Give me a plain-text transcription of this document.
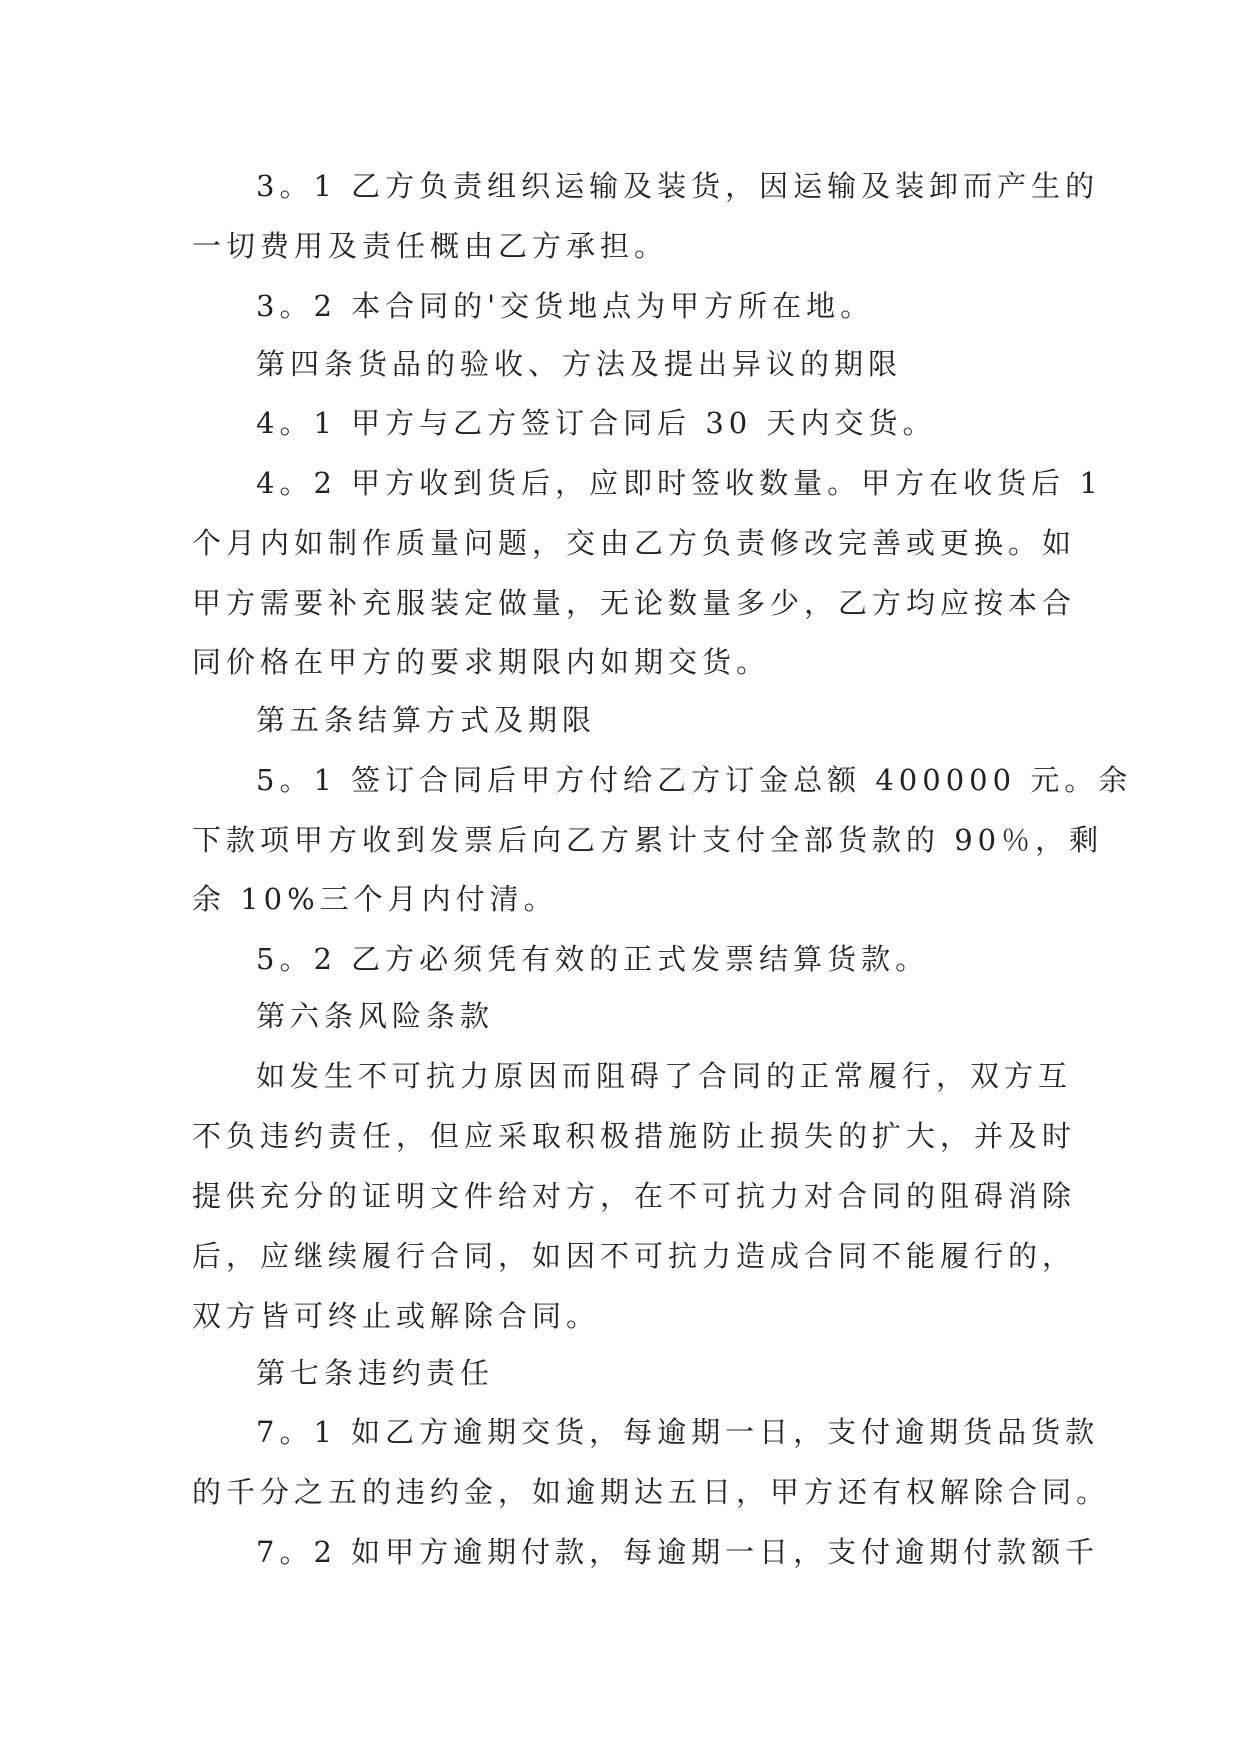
3。1 乙方负责组织运输及装货，因运输及装卸而产生的
一切费用及责任概由乙方承担。
3。2 本合同的'交货地点为甲方所在地。
第四条货品的验收、方法及提出异议的期限
4。1 甲方与乙方签订合同后 30 天内交货。
4。2 甲方收到货后，应即时签收数量。甲方在收货后 1
个月内如制作质量问题，交由乙方负责修改完善或更换。如
甲方需要补充服装定做量，无论数量多少，乙方均应按本合
同价格在甲方的要求期限内如期交货。
第五条结算方式及期限
5。1 签订合同后甲方付给乙方订金总额 400000 元。余
下款项甲方收到发票后向乙方累计支付全部货款的 90％，剩
余 10%三个月内付清。
5。2 乙方必须凭有效的正式发票结算货款。
第六条风险条款
如发生不可抗力原因而阻碍了合同的正常履行，双方互
不负违约责任，但应采取积极措施防止损失的扩大，并及时
提供充分的证明文件给对方，在不可抗力对合同的阻碍消除
后，应继续履行合同，如因不可抗力造成合同不能履行的，
双方皆可终止或解除合同。
第七条违约责任
7。1 如乙方逾期交货，每逾期一日，支付逾期货品货款
的千分之五的违约金，如逾期达五日，甲方还有权解除合同。
7。2 如甲方逾期付款，每逾期一日，支付逾期付款额千
